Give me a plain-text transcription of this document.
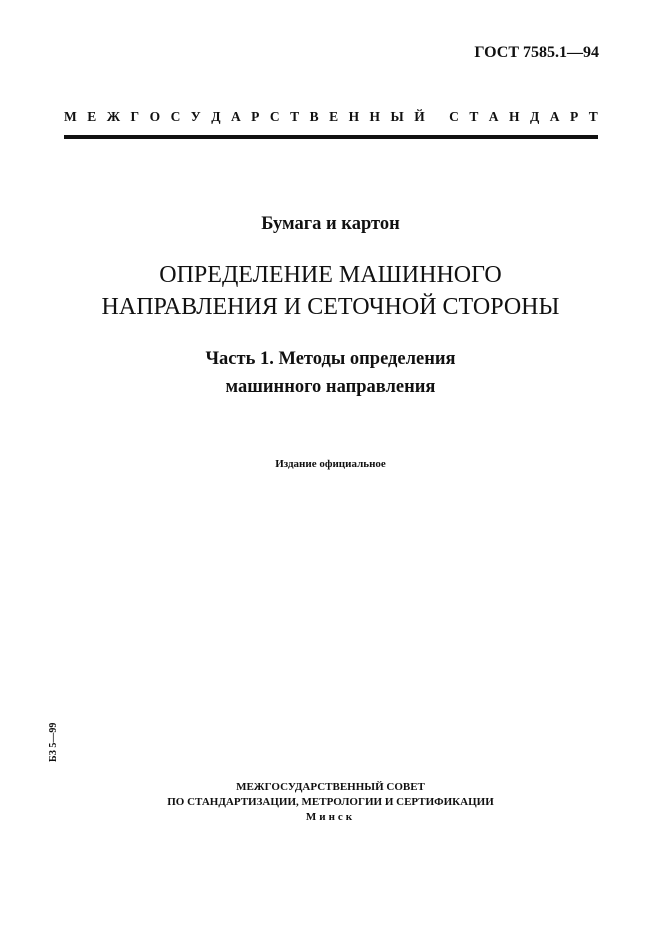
ГОСТ 7585.1—94
М Е Ж Г О С У Д А Р С Т В Е Н Н Ы Й
С Т А Н Д А Р Т
Бумага и картон
ОПРЕДЕЛЕНИЕ МАШИННОГО
НАПРАВЛЕНИЯ И СЕТОЧНОЙ СТОРОНЫ
Часть 1. Методы определения
машинного направления
Издание официальное
БЗ 5—99
МЕЖГОСУДАРСТВЕННЫЙ СОВЕТ
ПО СТАНДАРТИЗАЦИИ, МЕТРОЛОГИИ И СЕРТИФИКАЦИИ
Минск
